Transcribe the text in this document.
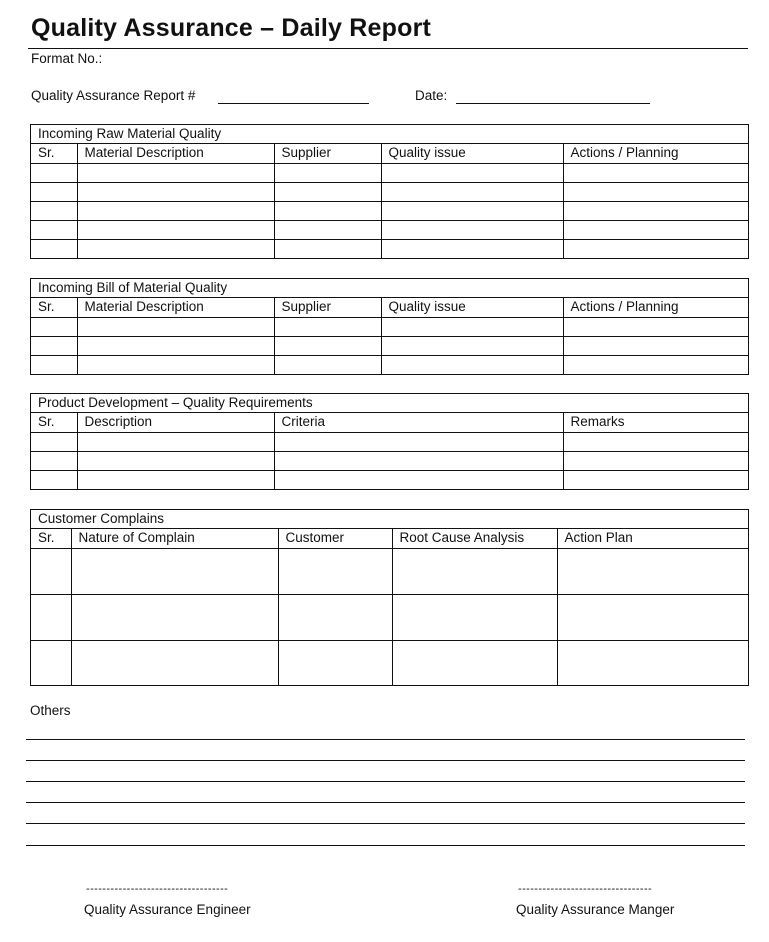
Quality Assurance – Daily Report
Format No.:
Quality Assurance Report #	Date:
Incoming Raw Material Quality
Sr.	Material Description	Supplier	Quality issue	Actions / Planning

Incoming Bill of Material Quality
Sr.	Material Description	Supplier	Quality issue	Actions / Planning

Product Development – Quality Requirements
Sr.	Description	Criteria	Remarks

Customer Complains
Sr.	Nature of Complain	Customer	Root Cause Analysis	Action Plan

Others
-----------------------------------
Quality Assurance Engineer
---------------------------------
Quality Assurance Manger
